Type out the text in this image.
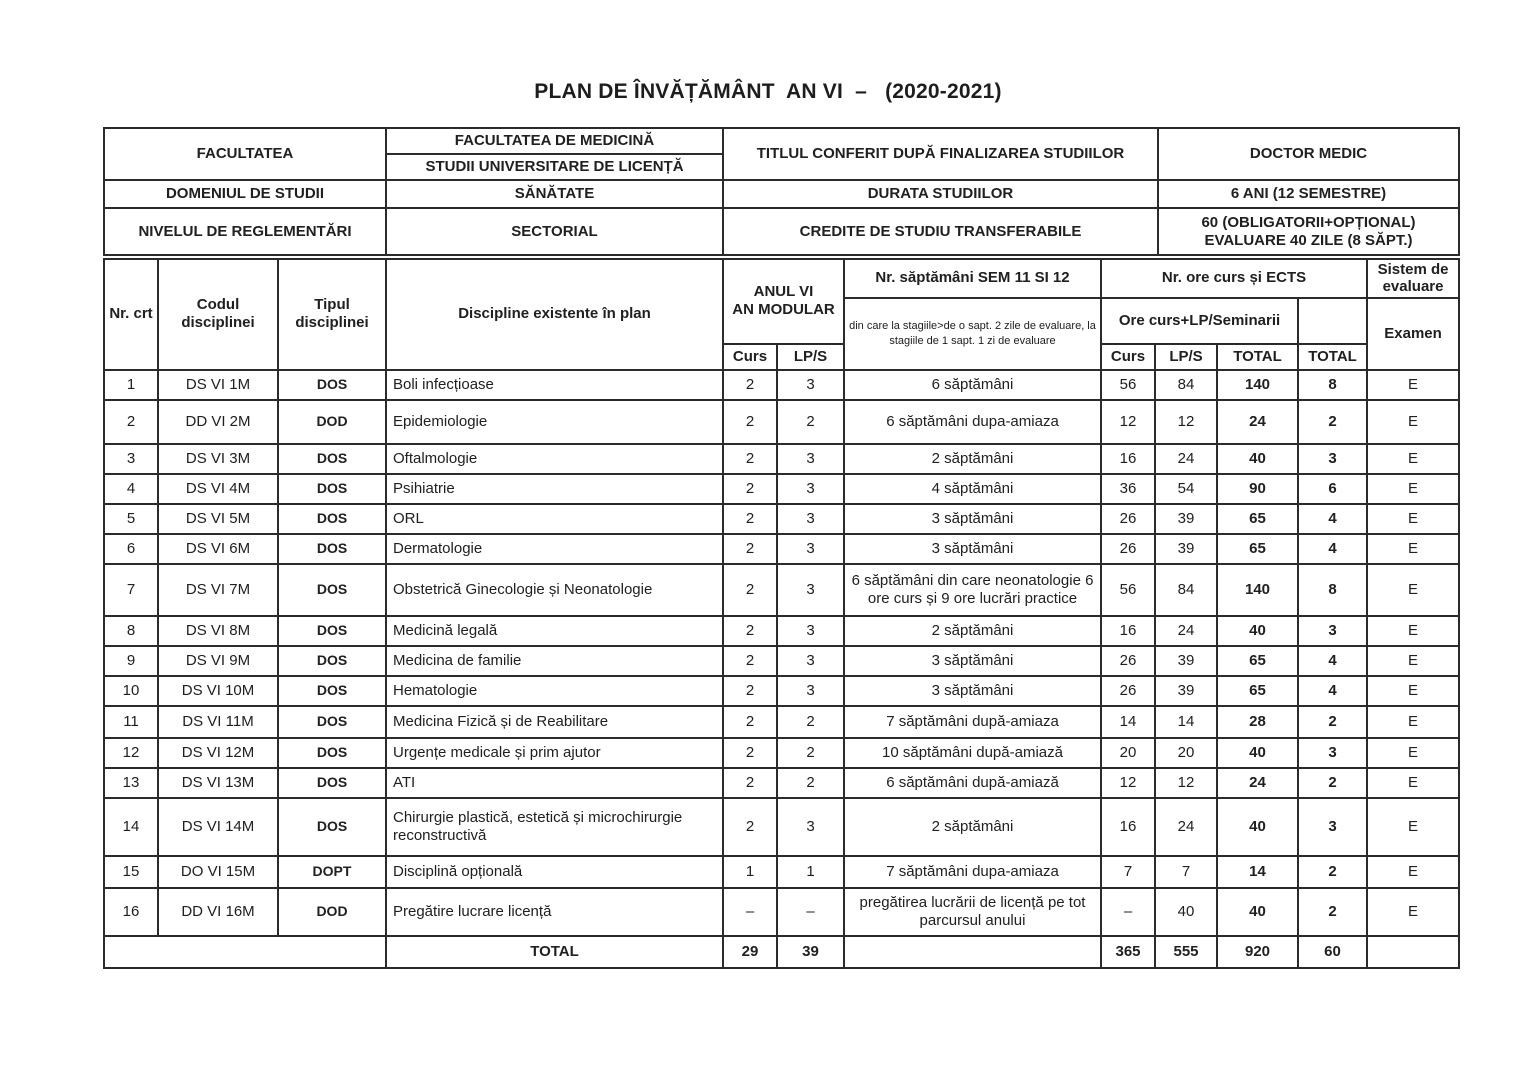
PLAN DE ÎNVĂȚĂMÂNT  AN VI  –   (2020-2021)
FACULTATEA	FACULTATEA DE MEDICINĂ	TITLUL CONFERIT DUPĂ FINALIZAREA STUDIILOR	DOCTOR MEDIC
	STUDII UNIVERSITARE DE LICENȚĂ		
DOMENIUL DE STUDII	SĂNĂTATE	DURATA STUDIILOR	6 ANI (12 SEMESTRE)
NIVELUL DE REGLEMENTĂRI	SECTORIAL	CREDITE DE STUDIU TRANSFERABILE	60 (OBLIGATORII+OPȚIONAL)
EVALUARE 40 ZILE (8 SĂPT.)
Nr. crt	Codul disciplinei	Tipul disciplinei	Discipline existente în plan	ANUL VI
AN MODULAR		Nr. săptămâni SEM 11 SI 12	Nr. ore curs și ECTS				Sistem de evaluare
						din care la stagiile>de o sapt. 2 zile de evaluare, la stagiile de 1 sapt. 1 zi de evaluare	Ore curs+LP/Seminarii				Examen
				Curs	LP/S		Curs	LP/S	TOTAL	TOTAL	
1	DS VI 1M	DOS	Boli infecțioase	2	3	6 săptămâni	56	84	140	8	E
2	DD VI 2M	DOD	Epidemiologie	2	2	6 săptămâni dupa-amiaza	12	12	24	2	E
3	DS VI 3M	DOS	Oftalmologie	2	3	2 săptămâni	16	24	40	3	E
4	DS VI 4M	DOS	Psihiatrie	2	3	4 săptămâni	36	54	90	6	E
5	DS VI 5M	DOS	ORL	2	3	3 săptămâni	26	39	65	4	E
6	DS VI 6M	DOS	Dermatologie	2	3	3 săptămâni	26	39	65	4	E
7	DS VI 7M	DOS	Obstetrică Ginecologie și Neonatologie	2	3	6 săptămâni din care neonatologie 6 ore curs și 9 ore lucrări practice	56	84	140	8	E
8	DS VI 8M	DOS	Medicină legală	2	3	2 săptămâni	16	24	40	3	E
9	DS VI 9M	DOS	Medicina de familie	2	3	3 săptămâni	26	39	65	4	E
10	DS VI 10M	DOS	Hematologie	2	3	3 săptămâni	26	39	65	4	E
11	DS VI 11M	DOS	Medicina Fizică și de Reabilitare	2	2	7 săptămâni după-amiaza	14	14	28	2	E
12	DS VI 12M	DOS	Urgențe medicale și prim ajutor	2	2	10 săptămâni după-amiază	20	20	40	3	E
13	DS VI 13M	DOS	ATI	2	2	6 săptămâni după-amiază	12	12	24	2	E
14	DS VI 14M	DOS	Chirurgie plastică, estetică și microchirurgie reconstructivă	2	3	2 săptămâni	16	24	40	3	E
15	DO VI 15M	DOPT	Disciplină opțională	1	1	7 săptămâni dupa-amiaza	7	7	14	2	E
16	DD VI 16M	DOD	Pregătire lucrare licență	–	–	pregătirea lucrării de licență pe tot parcursul anului	–	40	40	2	E
			TOTAL	29	39		365	555	920	60	
